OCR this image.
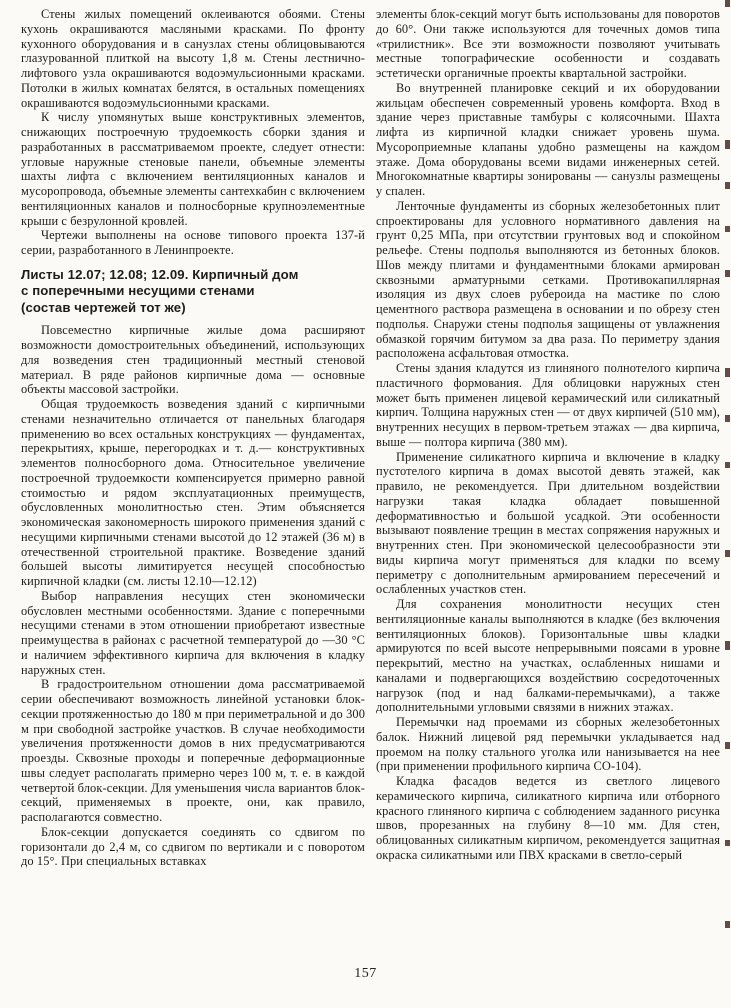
Стены жилых помещений оклеиваются обоями. Стены кухонь окрашиваются масляными красками. По фронту кухонного оборудования и в санузлах стены облицовываются глазурованной плиткой на высоту 1,8 м. Стены лестнично-лифтового узла окрашиваются водоэмульсионными красками. Потолки в жилых комнатах белятся, в остальных помещениях окрашиваются водоэмульсионными красками.

К числу упомянутых выше конструктивных элементов, снижающих построечную трудоемкость сборки здания и разработанных в рассматриваемом проекте, следует отнести: угловые наружные стеновые панели, объемные элементы шахты лифта с включением вентиляционных каналов и мусоропровода, объемные элементы сантехкабин с включением вентиляционных каналов и полносборные крупноэлементные крыши с безрулонной кровлей.

Чертежи выполнены на основе типового проекта 137-й серии, разработанного в Ленинпроекте.

Листы 12.07; 12.08; 12.09. Кирпичный дом
с поперечными несущими стенами
(состав чертежей тот же)

Повсеместно кирпичные жилые дома расширяют возможности домостроительных объединений, использующих для возведения стен традиционный местный стеновой материал. В ряде районов кирпичные дома — основные объекты массовой застройки.

Общая трудоемкость возведения зданий с кирпичными стенами незначительно отличается от панельных благодаря применению во всех остальных конструкциях — фундаментах, перекрытиях, крыше, перегородках и т. д.— конструктивных элементов полносборного дома. Относительное увеличение построечной трудоемкости компенсируется примерно равной стоимостью и рядом эксплуатационных преимуществ, обусловленных монолитностью стен. Этим объясняется экономическая закономерность широкого применения зданий с несущими кирпичными стенами высотой до 12 этажей (36 м) в отечественной строительной практике. Возведение зданий большей высоты лимитируется несущей способностью кирпичной кладки (см. листы 12.10—12.12)

Выбор направления несущих стен экономически обусловлен местными особенностями. Здание с поперечными несущими стенами в этом отношении приобретают известные преимущества в районах с расчетной температурой до —30 °С и наличием эффективного кирпича для включения в кладку наружных стен.

В градостроительном отношении дома рассматриваемой серии обеспечивают возможность линейной установки блок-секции протяженностью до 180 м при периметральной и до 300 м при свободной застройке участков. В случае необходимости увеличения протяженности домов в них предусматриваются проезды. Сквозные проходы и поперечные деформационные швы следует располагать примерно через 100 м, т. е. в каждой четвертой блок-секции. Для уменьшения числа вариантов блок-секций, применяемых в проекте, они, как правило, располагаются совместно.

Блок-секции допускается соединять со сдвигом по горизонтали до 2,4 м, со сдвигом по вертикали и с поворотом до 15°. При специальных вставках

элементы блок-секций могут быть использованы для поворотов до 60°. Они также используются для точечных домов типа «трилистник». Все эти возможности позволяют учитывать местные топографические особенности и создавать эстетически органичные проекты квартальной застройки.

Во внутренней планировке секций и их оборудовании жильцам обеспечен современный уровень комфорта. Вход в здание через приставные тамбуры с колясочными. Шахта лифта из кирпичной кладки снижает уровень шума. Мусороприемные клапаны удобно размещены на каждом этаже. Дома оборудованы всеми видами инженерных сетей. Многокомнатные квартиры зонированы — санузлы размещены у спален.

Ленточные фундаменты из сборных железобетонных плит спроектированы для условного нормативного давления на грунт 0,25 МПа, при отсутствии грунтовых вод и спокойном рельефе. Стены подполья выполняются из бетонных блоков. Шов между плитами и фундаментными блоками армирован сквозными арматурными сетками. Противокапиллярная изоляция из двух слоев рубероида на мастике по слою цементного раствора размещена в основании и по обрезу стен подполья. Снаружи стены подполья защищены от увлажнения обмазкой горячим битумом за два раза. По периметру здания расположена асфальтовая отмостка.

Стены здания кладутся из глиняного полнотелого кирпича пластичного формования. Для облицовки наружных стен может быть применен лицевой керамический или силикатный кирпич. Толщина наружных стен — от двух кирпичей (510 мм), внутренних несущих в первом-третьем этажах — два кирпича, выше — полтора кирпича (380 мм).

Применение силикатного кирпича и включение в кладку пустотелого кирпича в домах высотой девять этажей, как правило, не рекомендуется. При длительном воздействии нагрузки такая кладка обладает повышенной деформативностью и большой усадкой. Эти особенности вызывают появление трещин в местах сопряжения наружных и внутренних стен. При экономической целесообразности эти виды кирпича могут применяться для кладки по всему периметру с дополнительным армированием пересечений и ослабленных участков стен.

Для сохранения монолитности несущих стен вентиляционные каналы выполняются в кладке (без включения вентиляционных блоков). Горизонтальные швы кладки армируются по всей высоте непрерывными поясами в уровне перекрытий, местно на участках, ослабленных нишами и каналами и подвергающихся воздействию сосредоточенных нагрузок (под и над балками-перемычками), а также дополнительными угловыми связями в нижних этажах.

Перемычки над проемами из сборных железобетонных балок. Нижний лицевой ряд перемычки укладывается над проемом на полку стального уголка или нанизывается на нее (при применении профильного кирпича СО-104).

Кладка фасадов ведется из светлого лицевого керамического кирпича, силикатного кирпича или отборного красного глиняного кирпича с соблюдением заданного рисунка швов, прорезанных на глубину 8—10 мм. Для стен, облицованных силикатным кирпичом, рекомендуется защитная окраска силикатными или ПВХ красками в светло-серый

157
